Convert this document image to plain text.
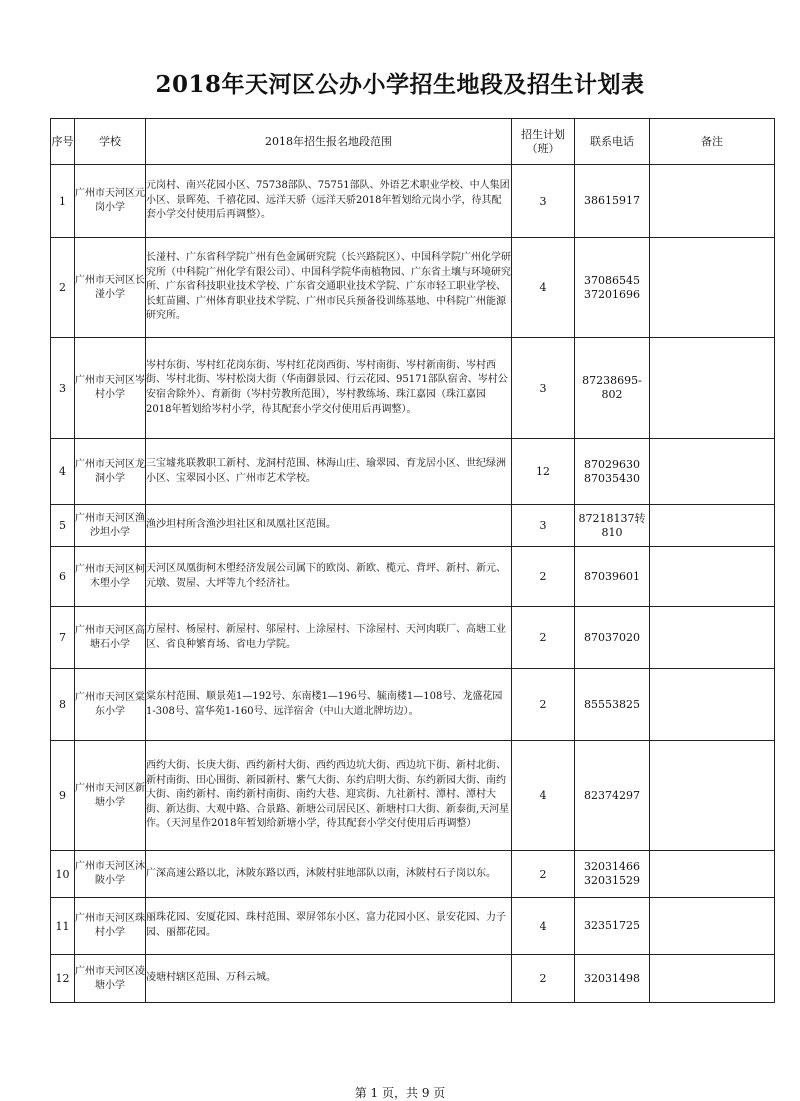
2018年天河区公办小学招生地段及招生计划表
序号	学校	2018年招生报名地段范围	招生计划（班）	联系电话	备注
1	广州市天河区元岗小学	元岗村、南兴花园小区、75738部队、75751部队、外语艺术职业学校、中人集团小区、景晖苑、千禧花园、远洋天骄（远洋天骄2018年暂划给元岗小学，待其配套小学交付使用后再调整）。	3	38615917	
2	广州市天河区长湴小学	长湴村、广东省科学院广州有色金属研究院（长兴路院区）、中国科学院广州化学研究所（中科院广州化学有限公司）、中国科学院华南植物园、广东省土壤与环境研究所、广东省科技职业技术学校、广东省交通职业技术学院、广东市轻工职业学校、长虹苗圃、广州体育职业技术学院、广州市民兵预备役训练基地、中科院广州能源研究所。	4	37086545
37201696	
3	广州市天河区岑村小学	岑村东街、岑村红花岗东街、岑村红花岗西街、岑村南街、岑村新南街、岑村西街、岑村北街、岑村松岗大街（华南御景园、行云花园、95171部队宿舍、岑村公安宿舍除外）、育新街（岑村劳教所范围），岑村教练场、珠江嘉园（珠江嘉园2018年暂划给岑村小学，待其配套小学交付使用后再调整）。	3	87238695-802	
4	广州市天河区龙洞小学	三宝墟兆联教职工新村、龙洞村范围、林海山庄、瑜翠园、育龙居小区、世纪绿洲小区、宝翠园小区、广州市艺术学校。	12	87029630
87035430	
5	广州市天河区渔沙坦小学	渔沙坦村所含渔沙坦社区和凤凰社区范围。	3	87218137转810	
6	广州市天河区柯木塱小学	天河区凤凰街柯木塱经济发展公司属下的欧岗、新欧、榄元、背坪、新村、新元、元墩、贺屋、大坪等九个经济社。	2	87039601	
7	广州市天河区高塘石小学	方屋村、杨屋村、新屋村、邬屋村、上涂屋村、下涂屋村、天河肉联厂、高塘工业区、省良种繁育场、省电力学院。	2	87037020	
8	广州市天河区棠东小学	棠东村范围、顺景苑1—192号、东南楼1—196号、毓南楼1—108号、龙盛花园1-308号、富华苑1-160号、远洋宿舍（中山大道北牌坊边）。	2	85553825	
9	广州市天河区新塘小学	西约大街、长庚大街、西约新村大街、西约西边坑大街、西边坑下街、新村北街、新村南街、田心围街、新园新村、紫气大街、东约启明大街、东约新园大街、南约大街、南约新村、南约新村南街、南约大巷、迎宾街、九社新村、潭村、潭村大街、新达街、大观中路、合景路、新塘公司居民区、新塘村口大街、新泰街,天河星作。（天河星作2018年暂划给新塘小学，待其配套小学交付使用后再调整）	4	82374297	
10	广州市天河区沐陂小学	广深高速公路以北，沐陂东路以西，沐陂村驻地部队以南，沐陂村石子岗以东。	2	32031466
32031529	
11	广州市天河区珠村小学	丽珠花园、安厦花园、珠村范围、翠屏邻东小区、富力花园小区、景安花园、力子园、丽都花园。	4	32351725	
12	广州市天河区凌塘小学	凌塘村辖区范围、万科云城。	2	32031498	
第 1 页，共 9 页
